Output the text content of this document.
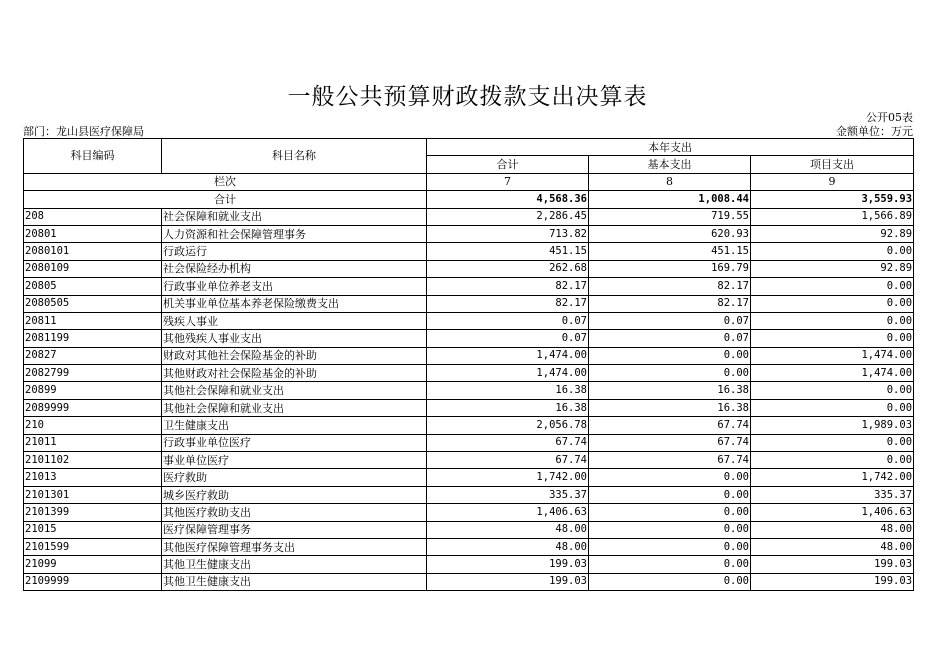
一般公共预算财政拨款支出决算表
公开05表
部门：龙山县医疗保障局	金额单位：万元
科目编码	科目名称	本年支出		
		合计	基本支出	项目支出
栏次		7	8	9
合计		4,568.36	1,008.44	3,559.93
208	社会保障和就业支出	2,286.45	719.55	1,566.89
20801	人力资源和社会保障管理事务	713.82	620.93	92.89
2080101	行政运行	451.15	451.15	0.00
2080109	社会保险经办机构	262.68	169.79	92.89
20805	行政事业单位养老支出	82.17	82.17	0.00
2080505	机关事业单位基本养老保险缴费支出	82.17	82.17	0.00
20811	残疾人事业	0.07	0.07	0.00
2081199	其他残疾人事业支出	0.07	0.07	0.00
20827	财政对其他社会保险基金的补助	1,474.00	0.00	1,474.00
2082799	其他财政对社会保险基金的补助	1,474.00	0.00	1,474.00
20899	其他社会保障和就业支出	16.38	16.38	0.00
2089999	其他社会保障和就业支出	16.38	16.38	0.00
210	卫生健康支出	2,056.78	67.74	1,989.03
21011	行政事业单位医疗	67.74	67.74	0.00
2101102	事业单位医疗	67.74	67.74	0.00
21013	医疗救助	1,742.00	0.00	1,742.00
2101301	城乡医疗救助	335.37	0.00	335.37
2101399	其他医疗救助支出	1,406.63	0.00	1,406.63
21015	医疗保障管理事务	48.00	0.00	48.00
2101599	其他医疗保障管理事务支出	48.00	0.00	48.00
21099	其他卫生健康支出	199.03	0.00	199.03
2109999	其他卫生健康支出	199.03	0.00	199.03
